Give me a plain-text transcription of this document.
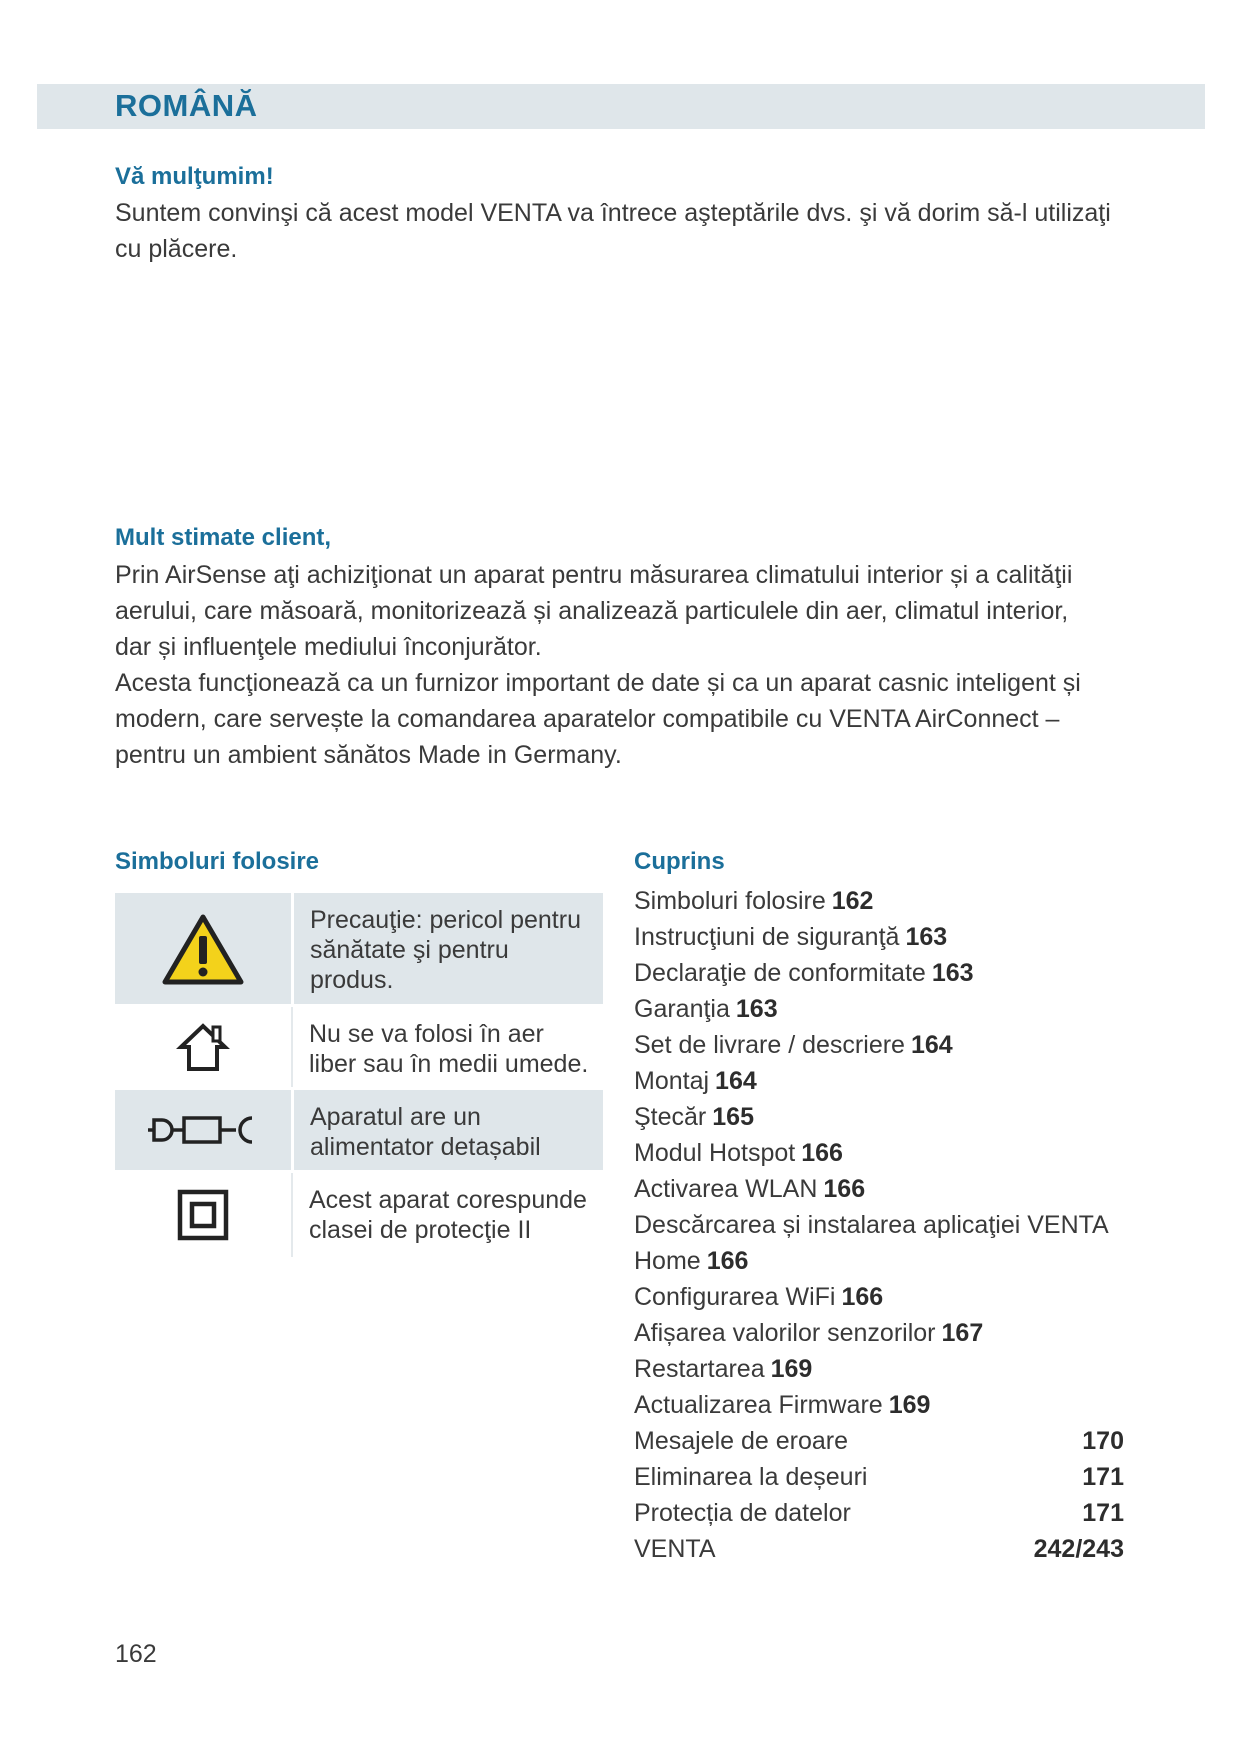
ROMÂNĂ
Vă mulţumim!

Suntem convinşi că acest model VENTA va întrece aşteptările dvs. şi vă dorim să-l utilizaţi cu plăcere.

Mult stimate client,

Prin AirSense aţi achiziţionat un aparat pentru măsurarea climatului interior și a calităţii aerului, care măsoară, monitorizează și analizează particulele din aer, climatul interior, dar și influenţele mediului înconjurător.

Acesta funcţionează ca un furnizor important de date și ca un aparat casnic inteligent și modern, care servește la comandarea aparatelor compatibile cu VENTA AirConnect – pentru un ambient sănătos Made in Germany.

Simboluri folosire
Precauţie: pericol pentru sănătate şi pentru produs.
Nu se va folosi în aer liber sau în medii umede.
Aparatul are un alimentator detașabil
Acest aparat corespunde clasei de protecţie II
Cuprins
Simboluri folosire 162
Instrucţiuni de siguranţă 163
Declaraţie de conformitate 163
Garanţia 163
Set de livrare / descriere 164
Montaj 164
Ştecăr 165
Modul Hotspot 166
Activarea WLAN 166
Descărcarea și instalarea aplicaţiei VENTA Home 166
Configurarea WiFi 166
Afișarea valorilor senzorilor 167
Restartarea 169
Actualizarea Firmware 169
Mesajele de eroare	170
Eliminarea la deșeuri	171
Protecția de datelor	171
VENTA	242/243
162
